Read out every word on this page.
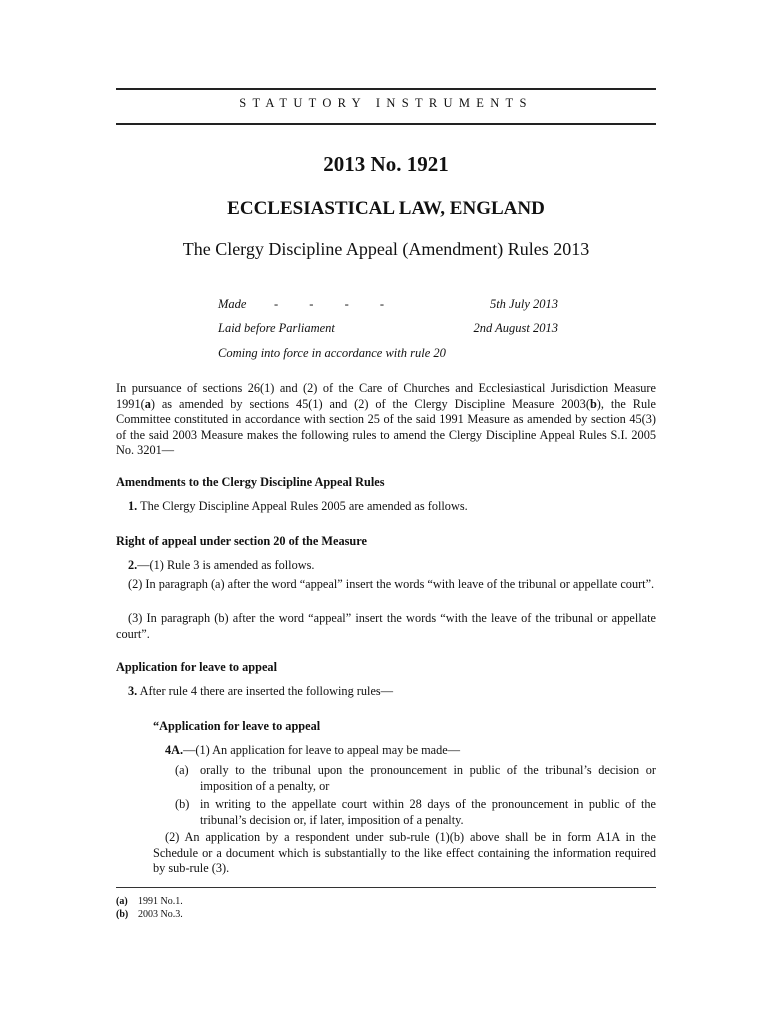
STATUTORY INSTRUMENTS
2013 No. 1921
ECCLESIASTICAL LAW, ENGLAND
The Clergy Discipline Appeal (Amendment) Rules 2013
Made - - - -	5th July 2013
Laid before Parliament	2nd August 2013
Coming into force in accordance with rule 20
In pursuance of sections 26(1) and (2) of the Care of Churches and Ecclesiastical Jurisdiction Measure 1991(a) as amended by sections 45(1) and (2) of the Clergy Discipline Measure 2003(b), the Rule Committee constituted in accordance with section 25 of the said 1991 Measure as amended by section 45(3) of the said 2003 Measure makes the following rules to amend the Clergy Discipline Appeal Rules S.I. 2005 No. 3201—
Amendments to the Clergy Discipline Appeal Rules
1. The Clergy Discipline Appeal Rules 2005 are amended as follows.
Right of appeal under section 20 of the Measure
2.—(1) Rule 3 is amended as follows.
(2) In paragraph (a) after the word “appeal” insert the words “with leave of the tribunal or appellate court”.
(3) In paragraph (b) after the word “appeal” insert the words “with the leave of the tribunal or appellate court”.
Application for leave to appeal
3. After rule 4 there are inserted the following rules—
“Application for leave to appeal
4A.—(1) An application for leave to appeal may be made—
(a) orally to the tribunal upon the pronouncement in public of the tribunal’s decision or imposition of a penalty, or
(b) in writing to the appellate court within 28 days of the pronouncement in public of the tribunal’s decision or, if later, imposition of a penalty.
(2) An application by a respondent under sub-rule (1)(b) above shall be in form A1A in the Schedule or a document which is substantially to the like effect containing the information required by sub-rule (3).
(a) 1991 No.1.
(b) 2003 No.3.
